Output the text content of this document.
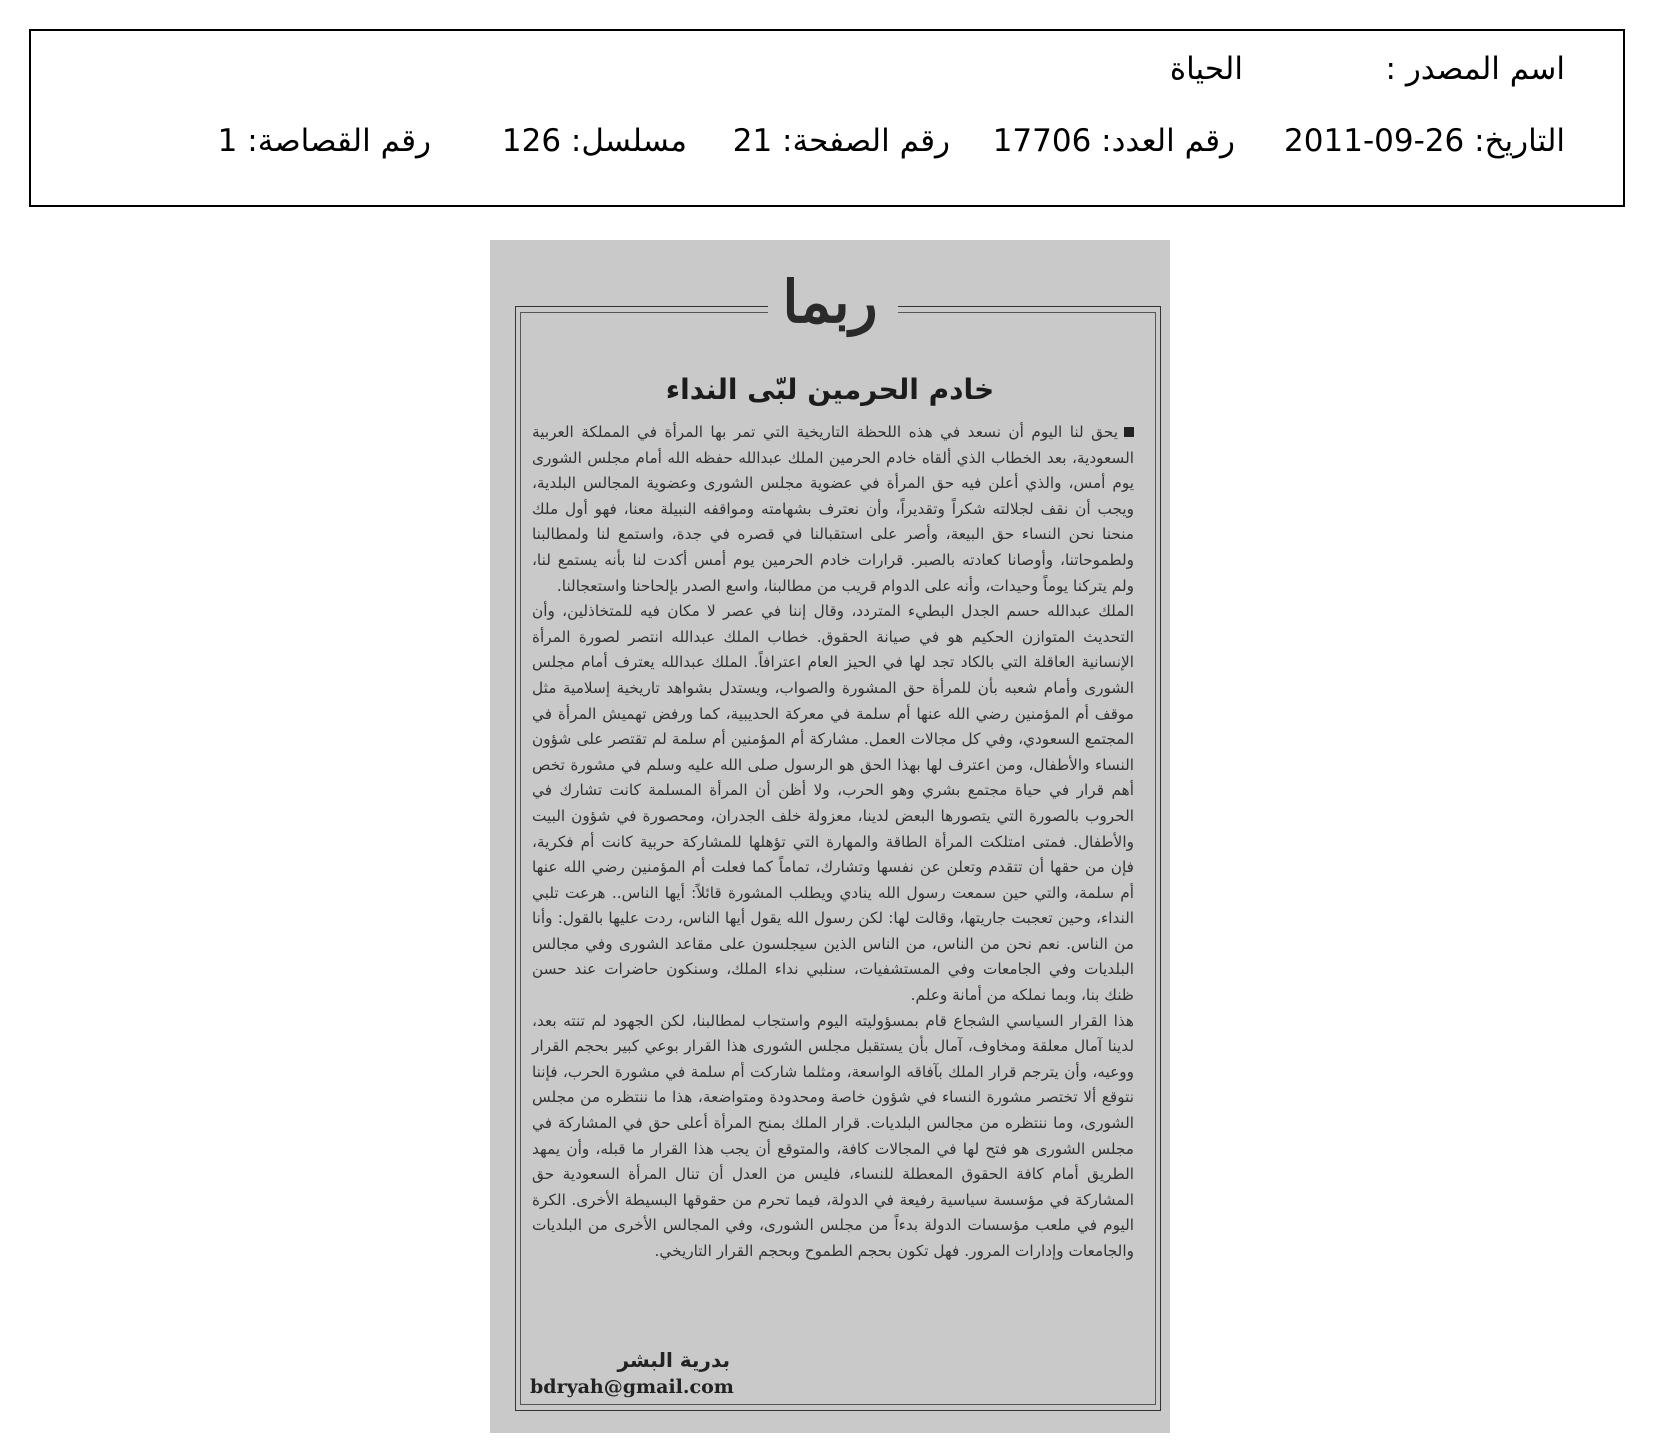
اسم المصدر :
الحياة
التاريخ: 26-09-2011
رقم العدد: 17706
رقم الصفحة: 21
مسلسل: 126
رقم القصاصة: 1
ربما
خادم الحرمين لبّى النداء

يحق لنا اليوم أن نسعد في هذه اللحظة التاريخية التي تمر بها المرأة في المملكة العربية السعودية، بعد الخطاب الذي ألقاه خادم الحرمين الملك عبدالله حفظه الله أمام مجلس الشورى يوم أمس، والذي أعلن فيه حق المرأة في عضوية مجلس الشورى وعضوية المجالس البلدية، ويجب أن نقف لجلالته شكراً وتقديراً، وأن نعترف بشهامته ومواقفه النبيلة معنا، فهو أول ملك منحنا نحن النساء حق البيعة، وأصر على استقبالنا في قصره في جدة، واستمع لنا ولمطالبنا ولطموحاتنا، وأوصانا كعادته بالصبر. قرارات خادم الحرمين يوم أمس أكدت لنا بأنه يستمع لنا، ولم يتركنا يوماً وحيدات، وأنه على الدوام قريب من مطالبنا، واسع الصدر بإلحاحنا واستعجالنا.

الملك عبدالله حسم الجدل البطيء المتردد، وقال إننا في عصر لا مكان فيه للمتخاذلين، وأن التحديث المتوازن الحكيم هو في صيانة الحقوق. خطاب الملك عبدالله انتصر لصورة المرأة الإنسانية العاقلة التي بالكاد تجد لها في الحيز العام اعترافاً. الملك عبدالله يعترف أمام مجلس الشورى وأمام شعبه بأن للمرأة حق المشورة والصواب، ويستدل بشواهد تاريخية إسلامية مثل موقف أم المؤمنين رضي الله عنها أم سلمة في معركة الحديبية، كما ورفض تهميش المرأة في المجتمع السعودي، وفي كل مجالات العمل. مشاركة أم المؤمنين أم سلمة لم تقتصر على شؤون النساء والأطفال، ومن اعترف لها بهذا الحق هو الرسول صلى الله عليه وسلم في مشورة تخص أهم قرار في حياة مجتمع بشري وهو الحرب، ولا أظن أن المرأة المسلمة كانت تشارك في الحروب بالصورة التي يتصورها البعض لدينا، معزولة خلف الجدران، ومحصورة في شؤون البيت والأطفال. فمتى امتلكت المرأة الطاقة والمهارة التي تؤهلها للمشاركة حربية كانت أم فكرية، فإن من حقها أن تتقدم وتعلن عن نفسها وتشارك، تماماً كما فعلت أم المؤمنين رضي الله عنها أم سلمة، والتي حين سمعت رسول الله ينادي ويطلب المشورة قائلاً: أيها الناس.. هرعت تلبي النداء، وحين تعجبت جاريتها، وقالت لها: لكن رسول الله يقول أيها الناس، ردت عليها بالقول: وأنا من الناس. نعم نحن من الناس، من الناس الذين سيجلسون على مقاعد الشورى وفي مجالس البلديات وفي الجامعات وفي المستشفيات، سنلبي نداء الملك، وسنكون حاضرات عند حسن ظنك بنا، وبما نملكه من أمانة وعلم.

هذا القرار السياسي الشجاع قام بمسؤوليته اليوم واستجاب لمطالبنا، لكن الجهود لم تنته بعد، لدينا آمال معلقة ومخاوف، آمال بأن يستقبل مجلس الشورى هذا القرار بوعي كبير بحجم القرار ووعيه، وأن يترجم قرار الملك بآفاقه الواسعة، ومثلما شاركت أم سلمة في مشورة الحرب، فإننا نتوقع ألا تختصر مشورة النساء في شؤون خاصة ومحدودة ومتواضعة، هذا ما ننتظره من مجلس الشورى، وما ننتظره من مجالس البلديات. قرار الملك بمنح المرأة أعلى حق في المشاركة في مجلس الشورى هو فتح لها في المجالات كافة، والمتوقع أن يجب هذا القرار ما قبله، وأن يمهد الطريق أمام كافة الحقوق المعطلة للنساء، فليس من العدل أن تنال المرأة السعودية حق المشاركة في مؤسسة سياسية رفيعة في الدولة، فيما تحرم من حقوقها البسيطة الأخرى. الكرة اليوم في ملعب مؤسسات الدولة بدءاً من مجلس الشورى، وفي المجالس الأخرى من البلديات والجامعات وإدارات المرور. فهل تكون بحجم الطموح وبحجم القرار التاريخي.

بدرية البشر
bdryah@gmail.com
